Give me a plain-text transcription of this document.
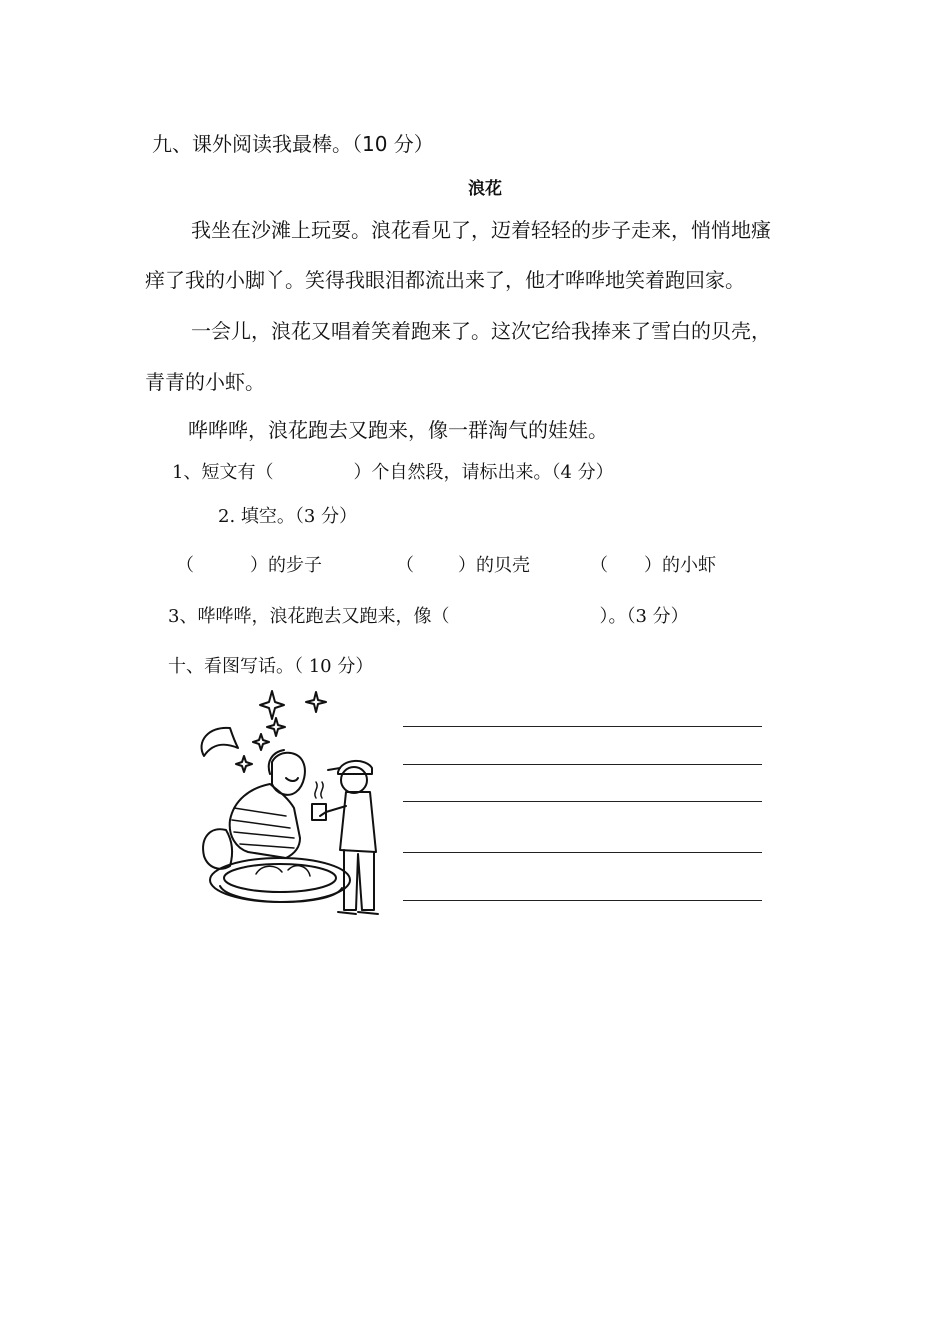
九、课外阅读我最棒。（10 分）
浪花
我坐在沙滩上玩耍。浪花看见了，迈着轻轻的步子走来，悄悄地瘙
痒了我的小脚丫。笑得我眼泪都流出来了，他才哗哗地笑着跑回家。
一会儿，浪花又唱着笑着跑来了。这次它给我捧来了雪白的贝壳，
青青的小虾。
哗哗哗，浪花跑去又跑来，像一群淘气的娃娃。
1、短文有（	）个自然段，请标出来。（4 分）
2. 填空。（3 分）
（	）的步子	（ ）的贝壳	（ ）的小虾
3、哗哗哗，浪花跑去又跑来，像（	）。（3 分）
十、看图写话。（ 10 分）
